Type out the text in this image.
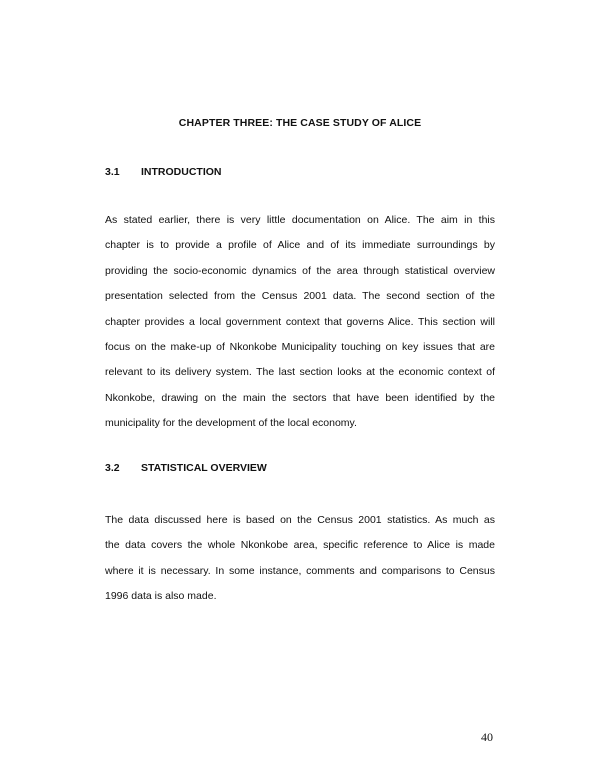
CHAPTER THREE: THE CASE STUDY OF ALICE
3.1 INTRODUCTION
As stated earlier, there is very little documentation on Alice. The aim in this
chapter is to provide a profile of Alice and of its immediate surroundings by
providing the socio-economic dynamics of the area through statistical overview
presentation selected from the Census 2001 data. The second section of the
chapter provides a local government context that governs Alice. This section will
focus on the make-up of Nkonkobe Municipality touching on key issues that are
relevant to its delivery system. The last section looks at the economic context of
Nkonkobe, drawing on the main the sectors that have been identified by the
municipality for the development of the local economy.
3.2 STATISTICAL OVERVIEW
The data discussed here is based on the Census 2001 statistics. As much as
the data covers the whole Nkonkobe area, specific reference to Alice is made
where it is necessary. In some instance, comments and comparisons to Census
1996 data is also made.
40
